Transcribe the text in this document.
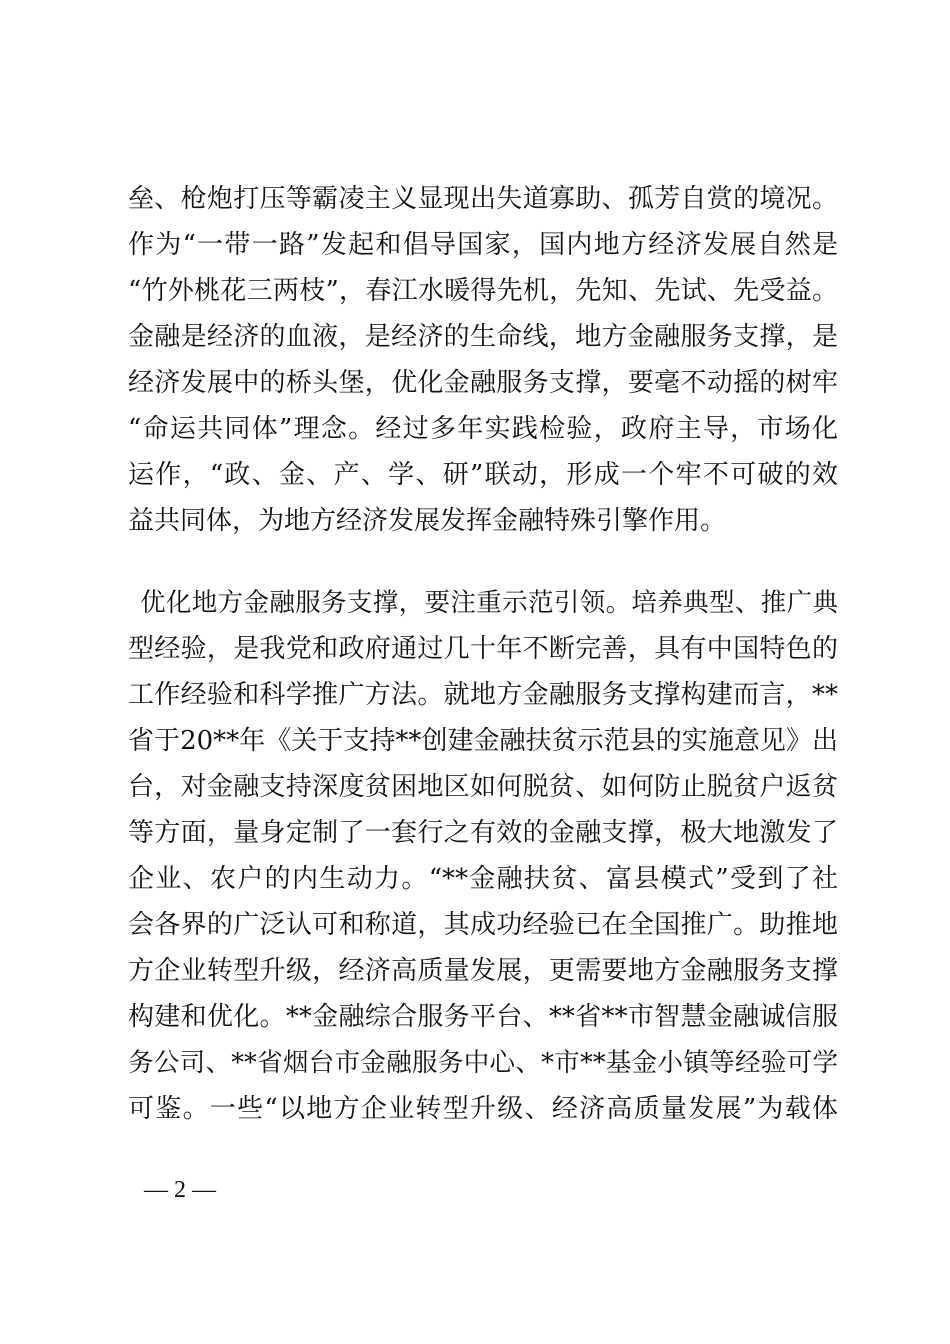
垒、枪炮打压等霸凌主义显现出失道寡助、孤芳自赏的境况。
作为“一带一路”发起和倡导国家，国内地方经济发展自然是
“竹外桃花三两枝”，春江水暖得先机，先知、先试、先受益。
金融是经济的血液，是经济的生命线，地方金融服务支撑，是
经济发展中的桥头堡，优化金融服务支撑，要毫不动摇的树牢
“命运共同体”理念。经过多年实践检验，政府主导，市场化
运作，“政、金、产、学、研”联动，形成一个牢不可破的效
益共同体，为地方经济发展发挥金融特殊引擎作用。
优化地方金融服务支撑，要注重示范引领。培养典型、推广典
型经验，是我党和政府通过几十年不断完善，具有中国特色的
工作经验和科学推广方法。就地方金融服务支撑构建而言，**
省于20**年《关于支持**创建金融扶贫示范县的实施意见》出
台，对金融支持深度贫困地区如何脱贫、如何防止脱贫户返贫
等方面，量身定制了一套行之有效的金融支撑，极大地激发了
企业、农户的内生动力。“**金融扶贫、富县模式”受到了社
会各界的广泛认可和称道，其成功经验已在全国推广。助推地
方企业转型升级，经济高质量发展，更需要地方金融服务支撑
构建和优化。**金融综合服务平台、**省**市智慧金融诚信服
务公司、**省烟台市金融服务中心、*市**基金小镇等经验可学
可鉴。一些“以地方企业转型升级、经济高质量发展”为载体
— 2 —
